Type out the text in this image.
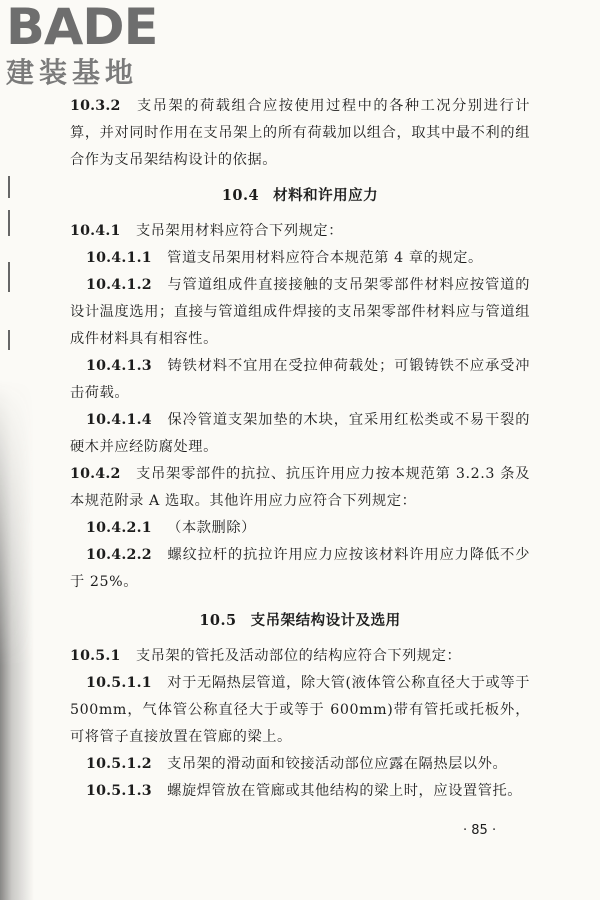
BADE
建装基地
10.3.2   支吊架的荷载组合应按使用过程中的各种工况分别进行计算，并对同时作用在支吊架上的所有荷载加以组合，取其中最不利的组合作为支吊架结构设计的依据。
10.4 材料和许用应力
10.4.1   支吊架用材料应符合下列规定：
10.4.1.1   管道支吊架用材料应符合本规范第 4 章的规定。
10.4.1.2   与管道组成件直接接触的支吊架零部件材料应按管道的设计温度选用；直接与管道组成件焊接的支吊架零部件材料应与管道组成件材料具有相容性。
10.4.1.3   铸铁材料不宜用在受拉伸荷载处；可锻铸铁不应承受冲击荷载。
10.4.1.4   保冷管道支架加垫的木块，宜采用红松类或不易干裂的硬木并应经防腐处理。
10.4.2   支吊架零部件的抗拉、抗压许用应力按本规范第 3.2.3 条及本规范附录 A 选取。其他许用应力应符合下列规定：
10.4.2.1   （本款删除）
10.4.2.2   螺纹拉杆的抗拉许用应力应按该材料许用应力降低不少于 25%。
10.5 支吊架结构设计及选用
10.5.1   支吊架的管托及活动部位的结构应符合下列规定：
10.5.1.1   对于无隔热层管道，除大管(液体管公称直径大于或等于 500mm，气体管公称直径大于或等于 600mm)带有管托或托板外，可将管子直接放置在管廊的梁上。
10.5.1.2   支吊架的滑动面和铰接活动部位应露在隔热层以外。
10.5.1.3   螺旋焊管放在管廊或其他结构的梁上时，应设置管托。
· 85 ·
